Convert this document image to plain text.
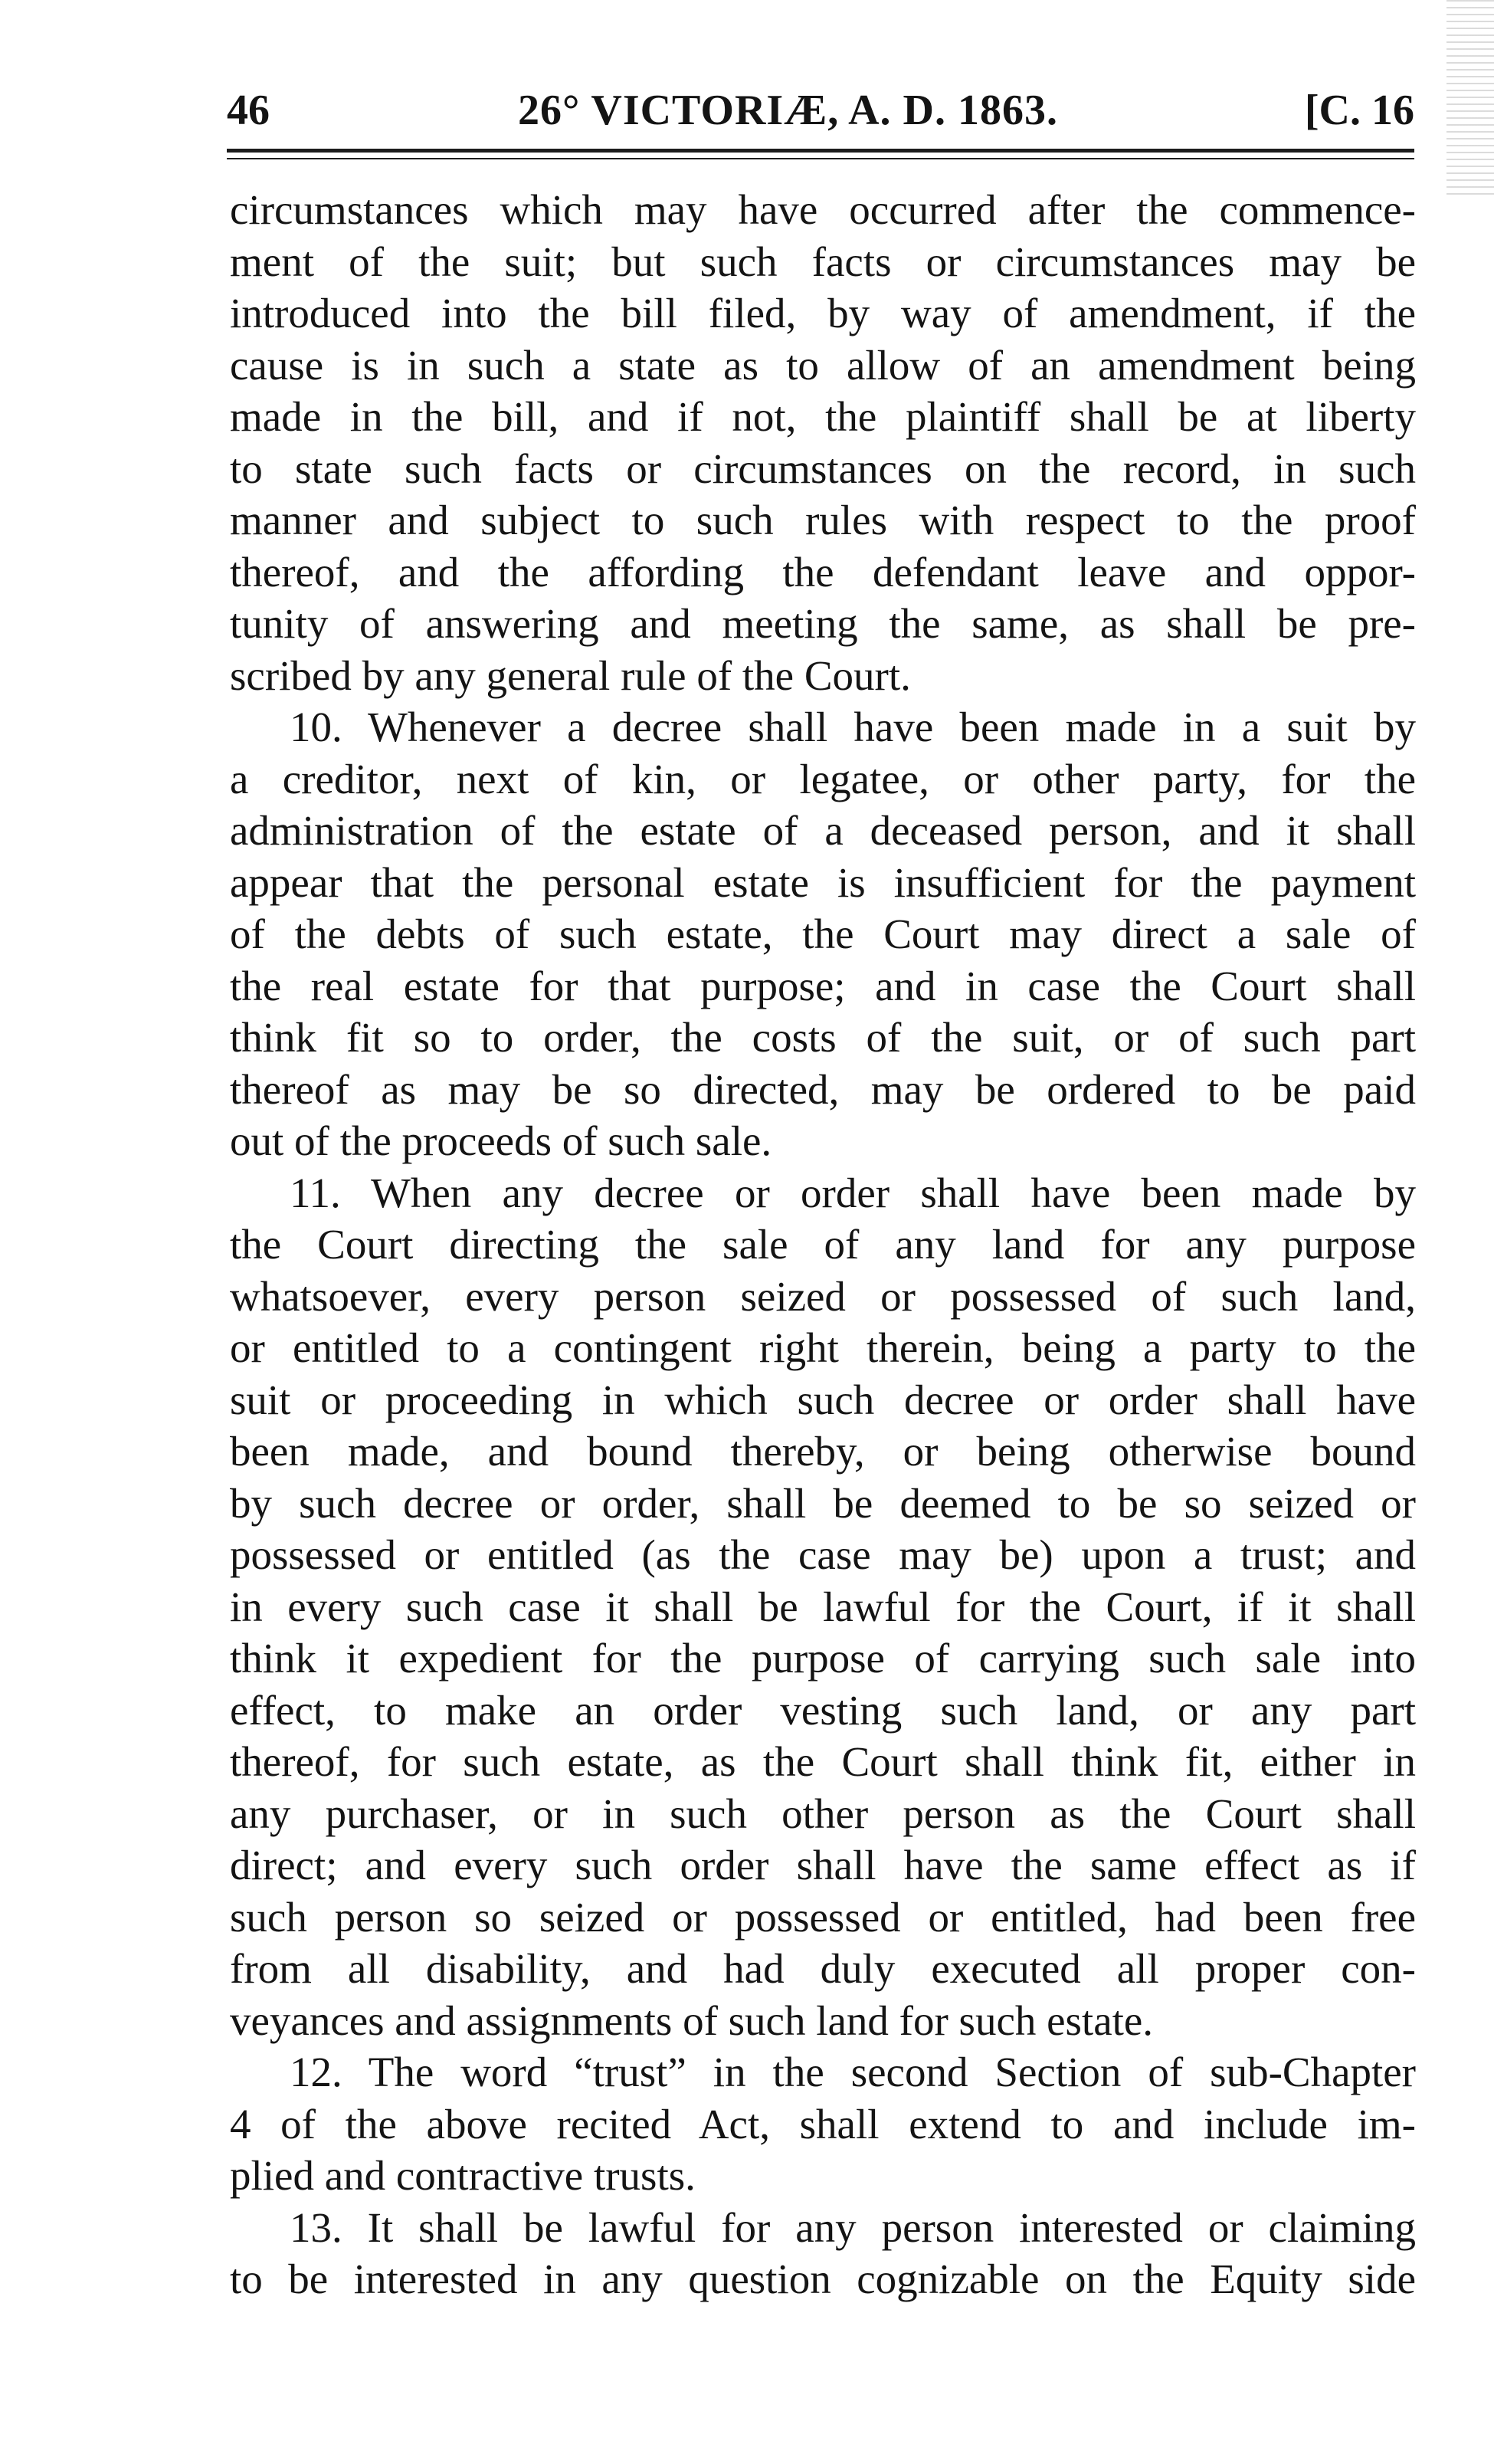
46	26° VICTORIÆ, A. D. 1863.	[C. 16
circumstances which may have occurred after the commence-
ment of the suit; but such facts or circumstances may be
introduced into the bill filed, by way of amendment, if the
cause is in such a state as to allow of an amendment being
made in the bill, and if not, the plaintiff shall be at liberty
to state such facts or circumstances on the record, in such
manner and subject to such rules with respect to the proof
thereof, and the affording the defendant leave and oppor-
tunity of answering and meeting the same, as shall be pre-
scribed by any general rule of the Court.
10. Whenever a decree shall have been made in a suit by
a creditor, next of kin, or legatee, or other party, for the
administration of the estate of a deceased person, and it shall
appear that the personal estate is insufficient for the payment
of the debts of such estate, the Court may direct a sale of
the real estate for that purpose; and in case the Court shall
think fit so to order, the costs of the suit, or of such part
thereof as may be so directed, may be ordered to be paid
out of the proceeds of such sale.
11. When any decree or order shall have been made by
the Court directing the sale of any land for any purpose
whatsoever, every person seized or possessed of such land,
or entitled to a contingent right therein, being a party to the
suit or proceeding in which such decree or order shall have
been made, and bound thereby, or being otherwise bound
by such decree or order, shall be deemed to be so seized or
possessed or entitled (as the case may be) upon a trust; and
in every such case it shall be lawful for the Court, if it shall
think it expedient for the purpose of carrying such sale into
effect, to make an order vesting such land, or any part
thereof, for such estate, as the Court shall think fit, either in
any purchaser, or in such other person as the Court shall
direct; and every such order shall have the same effect as if
such person so seized or possessed or entitled, had been free
from all disability, and had duly executed all proper con-
veyances and assignments of such land for such estate.
12. The word “trust” in the second Section of sub-Chapter
4 of the above recited Act, shall extend to and include im-
plied and contractive trusts.
13. It shall be lawful for any person interested or claiming
to be interested in any question cognizable on the Equity side
